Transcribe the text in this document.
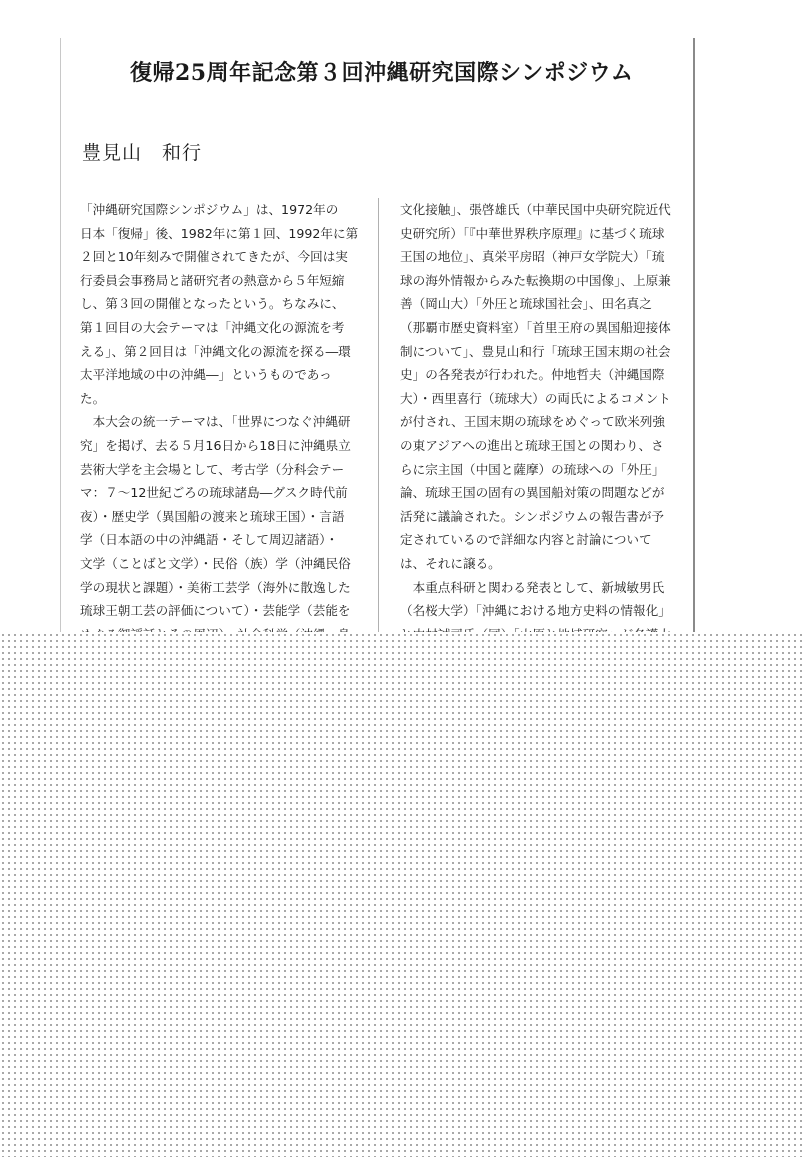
復帰25周年記念第３回沖縄研究国際シンポジウム
豊見山　和行

「沖縄研究国際シンポジウム」は、1972年の

日本「復帰」後、1982年に第１回、1992年に第

２回と10年刻みで開催されてきたが、今回は実

行委員会事務局と諸研究者の熱意から５年短縮

し、第３回の開催となったという。ちなみに、

第１回目の大会テーマは「沖縄文化の源流を考

える」、第２回目は「沖縄文化の源流を探る―環

太平洋地域の中の沖縄―」というものであっ

た。

　本大会の統一テーマは、「世界につなぐ沖縄研

究」を掲げ、去る５月16日から18日に沖縄県立

芸術大学を主会場として、考古学（分科会テー

マ：７～12世紀ごろの琉球諸島―グスク時代前

夜）・歴史学（異国船の渡来と琉球王国）・言語

学（日本語の中の沖縄語・そして周辺諸語）・

文学（ことばと文学）・民俗（族）学（沖縄民俗

学の現状と課題）・美術工芸学（海外に散逸した

琉球王朝工芸の評価について）・芸能学（芸能を

文化接触」、張啓雄氏（中華民国中央研究院近代

史研究所）「『中華世界秩序原理』に基づく琉球

王国の地位」、真栄平房昭（神戸女学院大）「琉

球の海外情報からみた転換期の中国像」、上原兼

善（岡山大）「外圧と琉球国社会」、田名真之

（那覇市歴史資料室）「首里王府の異国船迎接体

制について」、豊見山和行「琉球王国末期の社会

史」の各発表が行われた。仲地哲夫（沖縄国際

大）・西里喜行（琉球大）の両氏によるコメント

が付され、王国末期の琉球をめぐって欧米列強

の東アジアへの進出と琉球王国との関わり、さ

らに宗主国（中国と薩摩）の琉球への「外圧」

論、琉球王国の固有の異国船対策の問題などが

活発に議論された。シンポジウムの報告書が予

定されているので詳細な内容と討論について

は、それに譲る。

　本重点科研と関わる発表として、新城敏男氏

（名桜大学）「沖縄における地方史料の情報化」
